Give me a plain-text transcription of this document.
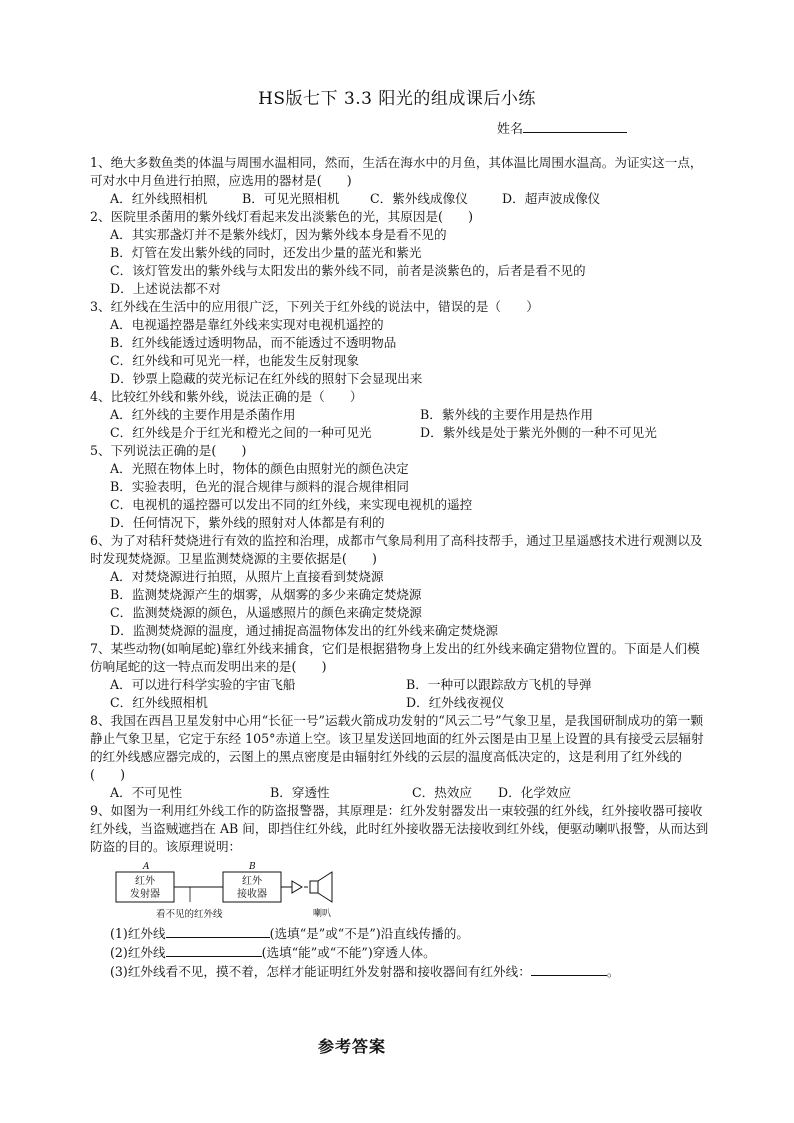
HS版七下 3.3 阳光的组成课后小练
姓名

1、绝大多数鱼类的体温与周围水温相同，然而，生活在海水中的月鱼，其体温比周围水温高。为证实这一点，可对水中月鱼进行拍照，应选用的器材是(　　)

A．红外线照相机	B．可见光照相机	C．紫外线成像仪	D．超声波成像仪

2、医院里杀菌用的紫外线灯看起来发出淡紫色的光，其原因是(　　)

A．其实那盏灯并不是紫外线灯，因为紫外线本身是看不见的

B．灯管在发出紫外线的同时，还发出少量的蓝光和紫光

C．该灯管发出的紫外线与太阳发出的紫外线不同，前者是淡紫色的，后者是看不见的

D．上述说法都不对

3、红外线在生活中的应用很广泛，下列关于红外线的说法中，错误的是（　　）

A．电视遥控器是靠红外线来实现对电视机遥控的

B．红外线能透过透明物品，而不能透过不透明物品

C．红外线和可见光一样，也能发生反射现象

D．钞票上隐藏的荧光标记在红外线的照射下会显现出来

4、比较红外线和紫外线，说法正确的是（　　）

A．红外线的主要作用是杀菌作用	B．紫外线的主要作用是热作用
C．红外线是介于红光和橙光之间的一种可见光	D．紫外线是处于紫光外侧的一种不可见光

5、下列说法正确的是(　　)

A．光照在物体上时，物体的颜色由照射光的颜色决定

B．实验表明，色光的混合规律与颜料的混合规律相同

C．电视机的遥控器可以发出不同的红外线，来实现电视机的遥控

D．任何情况下，紫外线的照射对人体都是有利的

6、为了对秸秆焚烧进行有效的监控和治理，成都市气象局利用了高科技帮手，通过卫星遥感技术进行观测以及时发现焚烧源。卫星监测焚烧源的主要依据是(　　)

A．对焚烧源进行拍照，从照片上直接看到焚烧源

B．监测焚烧源产生的烟雾，从烟雾的多少来确定焚烧源

C．监测焚烧源的颜色，从遥感照片的颜色来确定焚烧源

D．监测焚烧源的温度，通过捕捉高温物体发出的红外线来确定焚烧源

7、某些动物(如响尾蛇)靠红外线来捕食，它们是根据猎物身上发出的红外线来确定猎物位置的。下面是人们模仿响尾蛇的这一特点而发明出来的是(　　)

A．可以进行科学实验的宇宙飞船	B．一种可以跟踪敌方飞机的导弹
C．红外线照相机	D．红外线夜视仪

8、我国在西昌卫星发射中心用“长征一号”运载火箭成功发射的“风云二号”气象卫星，是我国研制成功的第一颗静止气象卫星，它定于东经 105°赤道上空。该卫星发送回地面的红外云图是由卫星上设置的具有接受云层辐射的红外线感应器完成的，云图上的黑点密度是由辐射红外线的云层的温度高低决定的，这是利用了红外线的(　　)

A．不可见性	B．穿透性	C．热效应	D．化学效应

9、如图为一利用红外线工作的防盗报警器，其原理是：红外发射器发出一束较强的红外线，红外接收器可接收红外线，当盗贼遮挡在 AB 间，即挡住红外线，此时红外接收器无法接收到红外线，便驱动喇叭报警，从而达到防盗的目的。该原理说明：

A	B
红外
发射器
红外
接收器
喇叭
看不见的红外线

(1)红外线	(选填“是”或“不是”)沿直线传播的。

(2)红外线	(选填“能”或“不能”)穿透人体。

(3)红外线看不见，摸不着，怎样才能证明红外发射器和接收器间有红外线：	。

参考答案
